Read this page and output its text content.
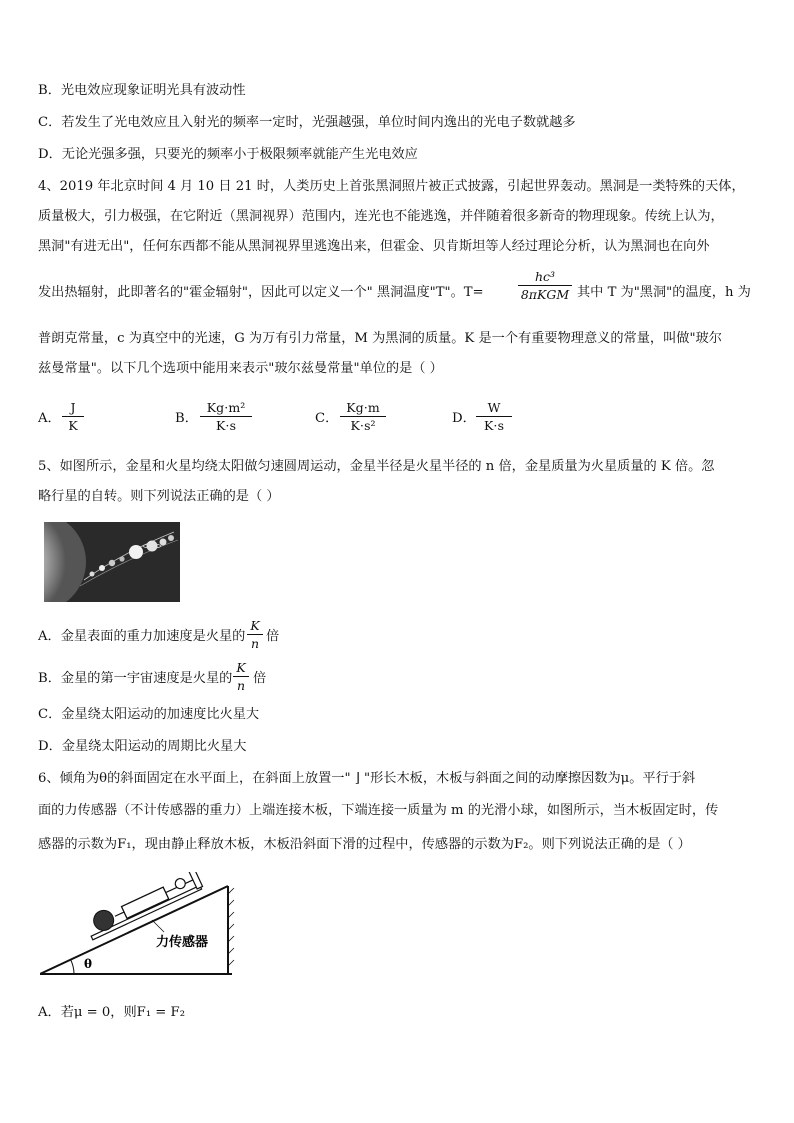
B．光电效应现象证明光具有波动性
C．若发生了光电效应且入射光的频率一定时，光强越强，单位时间内逸出的光电子数就越多
D．无论光强多强，只要光的频率小于极限频率就能产生光电效应
4、2019 年北京时间 4 月 10 日 21 时，人类历史上首张黑洞照片被正式披露，引起世界轰动。黑洞是一类特殊的天体，
质量极大，引力极强，在它附近（黑洞视界）范围内，连光也不能逃逸，并伴随着很多新奇的物理现象。传统上认为，
黑洞"有进无出"，任何东西都不能从黑洞视界里逃逸出来，但霍金、贝肯斯坦等人经过理论分析，认为黑洞也在向外
发出热辐射，此即著名的"霍金辐射"，因此可以定义一个" 黑洞温度"T"。T=
hc³
8πKGM 其中 T 为"黑洞"的温度，h 为
普朗克常量，c 为真空中的光速，G 为万有引力常量，M 为黑洞的质量。K 是一个有重要物理意义的常量，叫做"玻尔
兹曼常量"。以下几个选项中能用来表示"玻尔兹曼常量"单位的是（ ）
A． $\frac{J}{K}$	B． $\frac{\text{Kg⋅m²}}{K\cdot s}$	C． $\frac{Kg\cdot m}{\text{K⋅s²}}$	D． $\frac{W}{K\cdot s}$
5、如图所示，金星和火星均绕太阳做匀速圆周运动，金星半径是火星半径的 n 倍，金星质量为火星质量的 K 倍。忽
略行星的自转。则下列说法正确的是（ ）
A．金星表面的重力加速度是火星的 $\frac{K}{n}$ 倍
B．金星的第一宇宙速度是火星的 $\frac{K}{n}$ 倍
C．金星绕太阳运动的加速度比火星大
D．金星绕太阳运动的周期比火星大
6、倾角为θ的斜面固定在水平面上，在斜面上放置一" ⌋ "形长木板，木板与斜面之间的动摩擦因数为μ。平行于斜
面的力传感器（不计传感器的重力）上端连接木板，下端连接一质量为 m 的光滑小球，如图所示，当木板固定时，传
感器的示数为F₁，现由静止释放木板，木板沿斜面下滑的过程中，传感器的示数为F₂。则下列说法正确的是（ ）
θ
力传感器
A．若μ = 0，则F₁ = F₂
